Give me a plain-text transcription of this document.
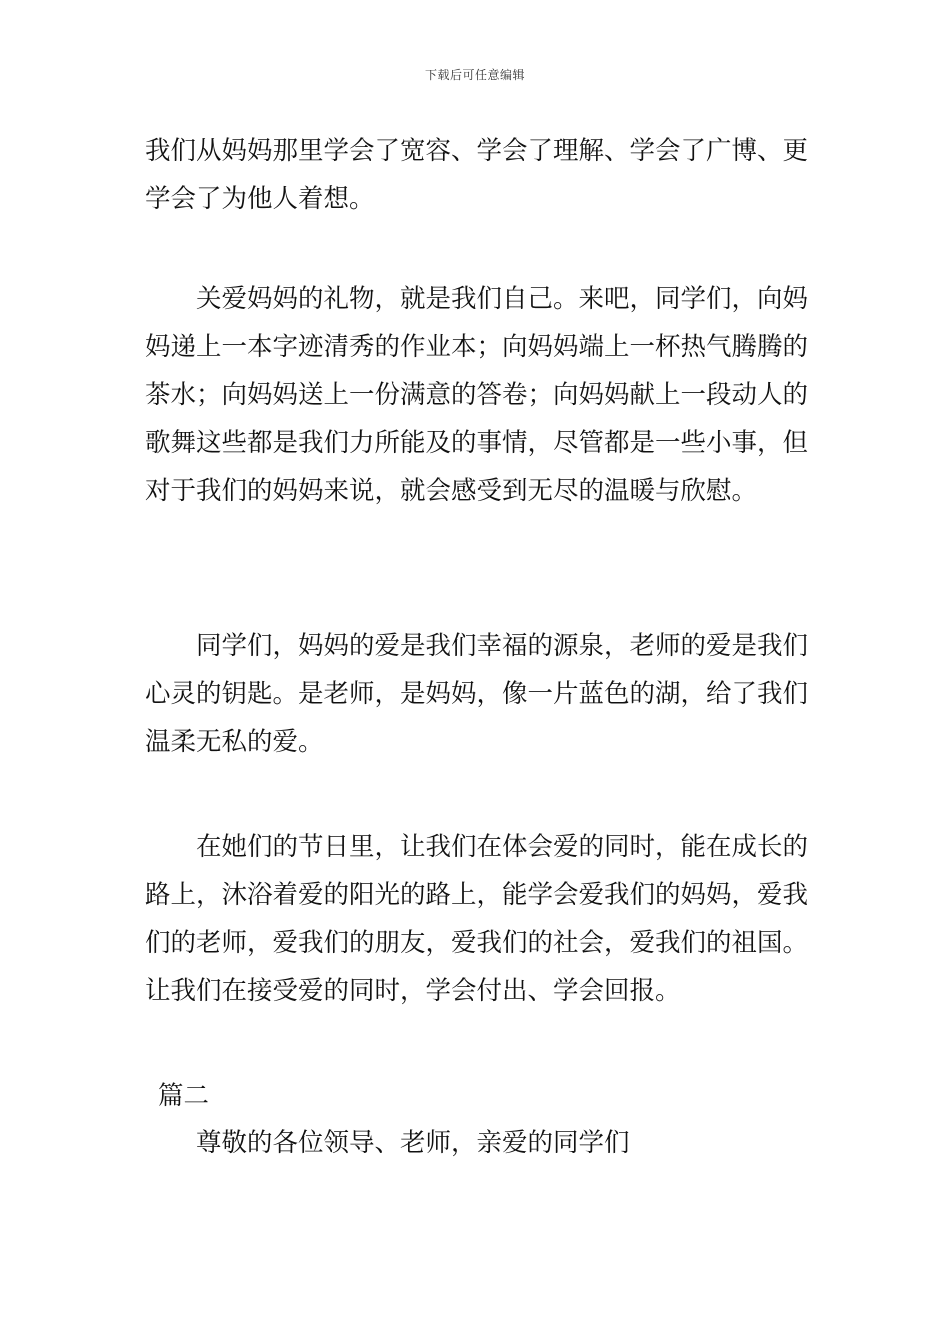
下载后可任意编辑

我们从妈妈那里学会了宽容、学会了理解、学会了广博、更学会了为他人着想。

关爱妈妈的礼物，就是我们自己。来吧，同学们，向妈妈递上一本字迹清秀的作业本；向妈妈端上一杯热气腾腾的茶水；向妈妈送上一份满意的答卷；向妈妈献上一段动人的歌舞这些都是我们力所能及的事情，尽管都是一些小事，但对于我们的妈妈来说，就会感受到无尽的温暖与欣慰。

同学们，妈妈的爱是我们幸福的源泉，老师的爱是我们心灵的钥匙。是老师，是妈妈，像一片蓝色的湖，给了我们温柔无私的爱。

在她们的节日里，让我们在体会爱的同时，能在成长的路上，沐浴着爱的阳光的路上，能学会爱我们的妈妈，爱我们的老师，爱我们的朋友，爱我们的社会，爱我们的祖国。让我们在接受爱的同时，学会付出、学会回报。

篇二

尊敬的各位领导、老师，亲爱的同学们
